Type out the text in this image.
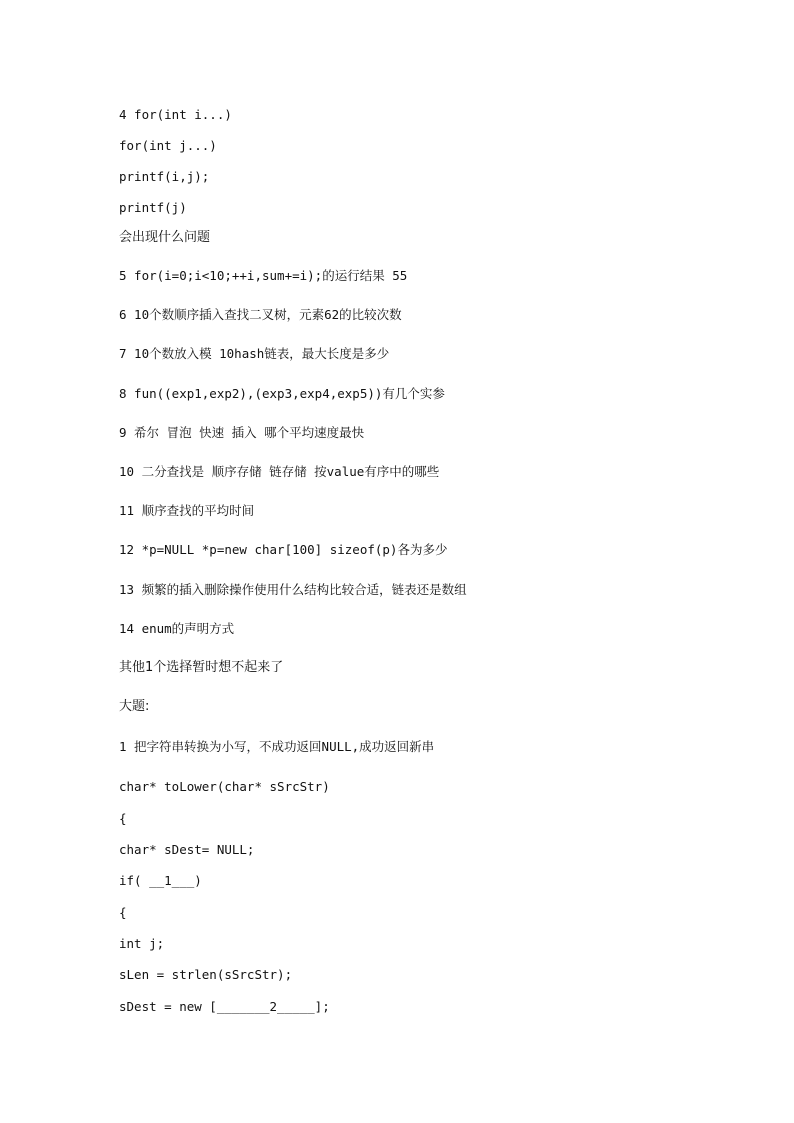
4 for(int i...)
for(int j...)
printf(i,j);
printf(j)
会出现什么问题
5 for(i=0;i<10;++i,sum+=i);的运行结果 55
6 10个数顺序插入查找二叉树，元素62的比较次数
7 10个数放入模 10hash链表，最大长度是多少
8 fun((exp1,exp2),(exp3,exp4,exp5))有几个实参
9 希尔 冒泡 快速 插入 哪个平均速度最快
10 二分查找是 顺序存储 链存储 按value有序中的哪些
11 顺序查找的平均时间
12 *p=NULL *p=new char[100] sizeof(p)各为多少
13 频繁的插入删除操作使用什么结构比较合适，链表还是数组
14 enum的声明方式
其他1个选择暂时想不起来了
大题:
1 把字符串转换为小写，不成功返回NULL,成功返回新串
char* toLower(char* sSrcStr)
{
char* sDest= NULL;
if( __1___)
{
int j;
sLen = strlen(sSrcStr);
sDest = new [_______2_____];
